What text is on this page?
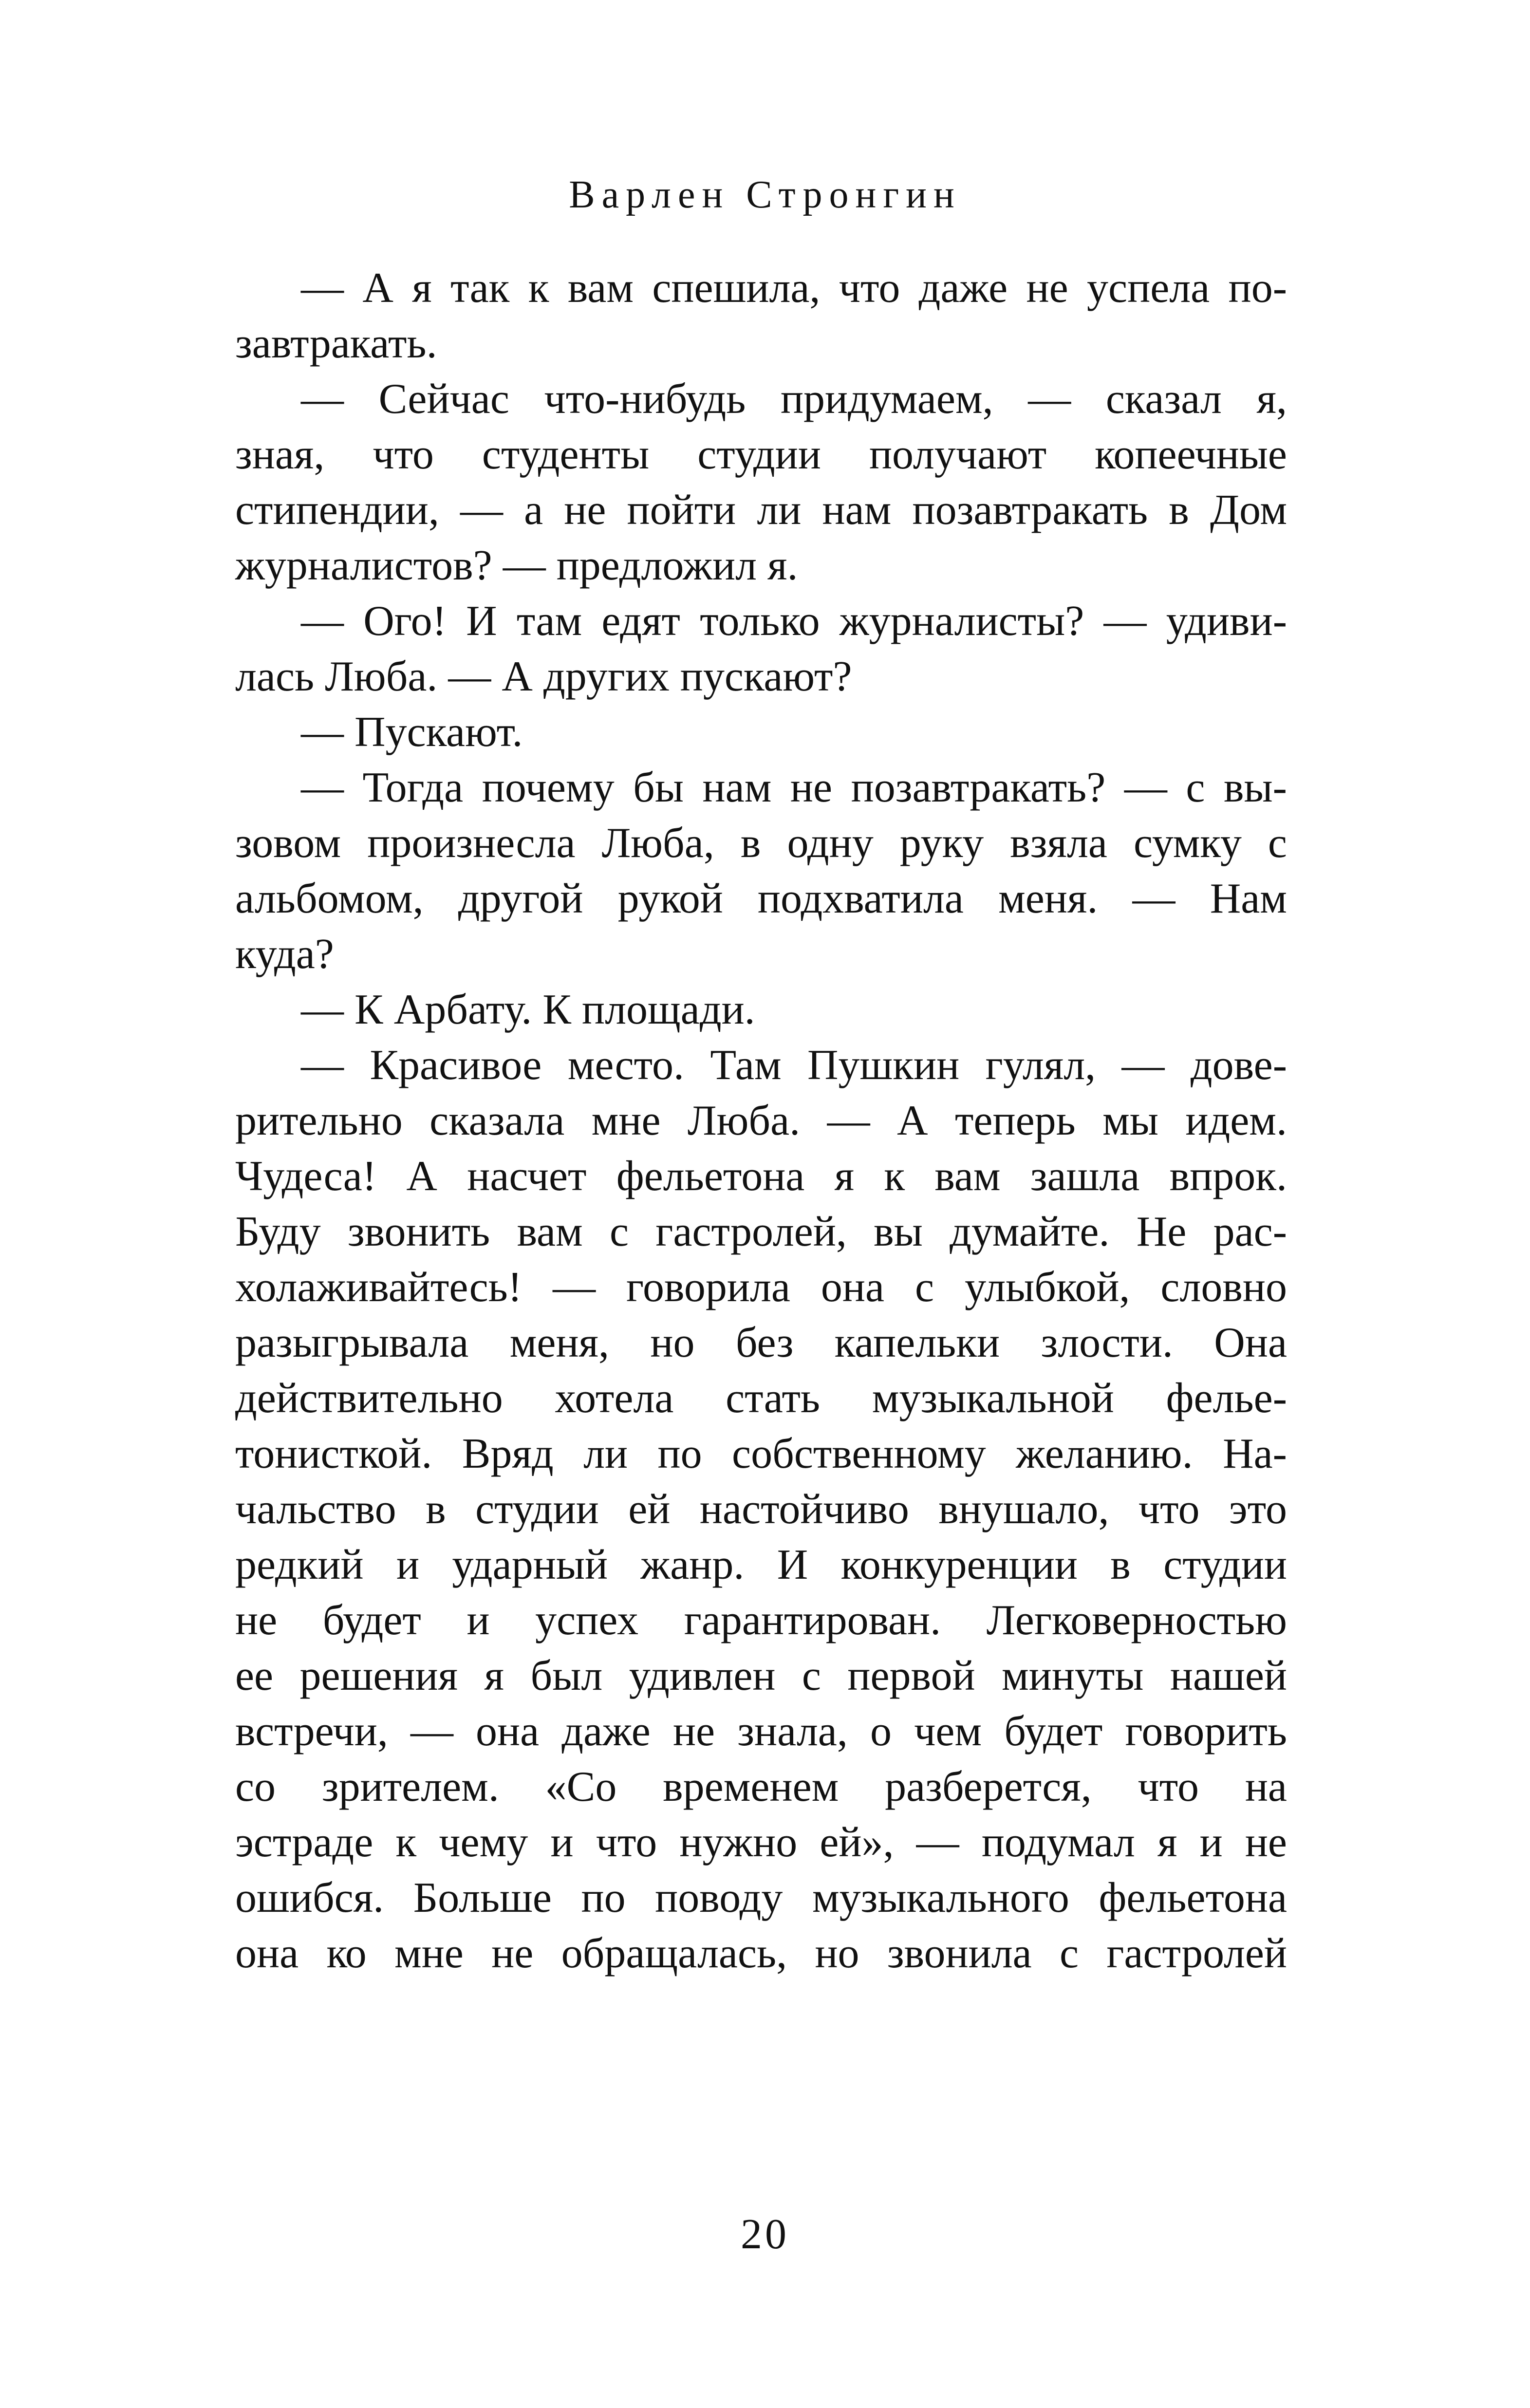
Варлен Стронгин
— А я так к вам спешила, что даже не успела по-
завтракать.
— Сейчас что-нибудь придумаем, — сказал я,
зная, что студенты студии получают копеечные
стипендии, — а не пойти ли нам позавтракать в Дом
журналистов? — предложил я.
— Ого! И там едят только журналисты? — удиви-
лась Люба. — А других пускают?
— Пускают.
— Тогда почему бы нам не позавтракать? — с вы-
зовом произнесла Люба, в одну руку взяла сумку с
альбомом, другой рукой подхватила меня. — Нам
куда?
— К Арбату. К площади.
— Красивое место. Там Пушкин гулял, — дове-
рительно сказала мне Люба. — А теперь мы идем.
Чудеса! А насчет фельетона я к вам зашла впрок.
Буду звонить вам с гастролей, вы думайте. Не рас-
холаживайтесь! — говорила она с улыбкой, словно
разыгрывала меня, но без капельки злости. Она
действительно хотела стать музыкальной фелье-
тонисткой. Вряд ли по собственному желанию. На-
чальство в студии ей настойчиво внушало, что это
редкий и ударный жанр. И конкуренции в студии
не будет и успех гарантирован. Легковерностью
ее решения я был удивлен с первой минуты нашей
встречи, — она даже не знала, о чем будет говорить
со зрителем. «Со временем разберется, что на
эстраде к чему и что нужно ей», — подумал я и не
ошибся. Больше по поводу музыкального фельетона
она ко мне не обращалась, но звонила с гастролей
20
